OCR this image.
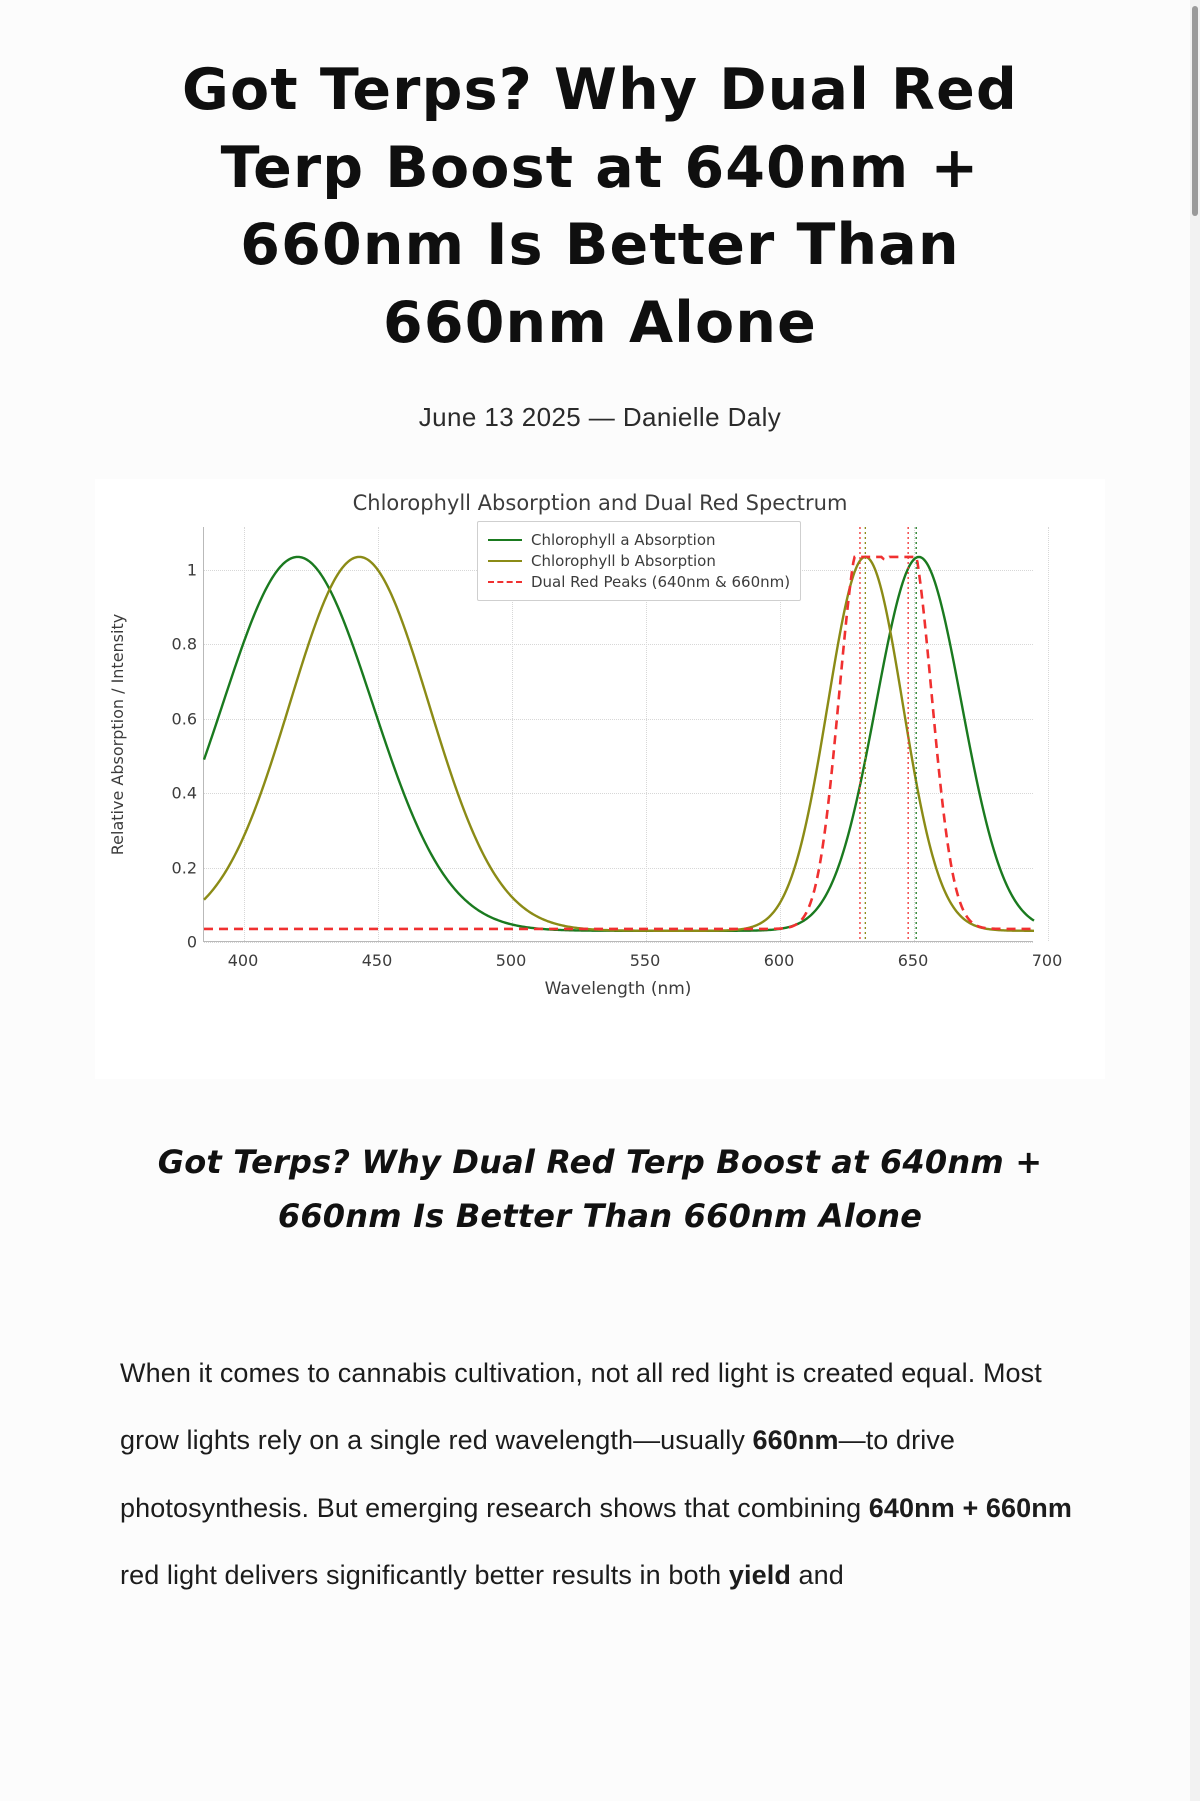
Got Terps? Why Dual Red Terp Boost at 640nm + 660nm Is Better Than 660nm Alone
June 13 2025 — Danielle Daly
Chlorophyll Absorption and Dual Red Spectrum
Relative Absorption / Intensity
0
0.2
0.4
0.6
0.8
1
400	450	500	550	600	650	700
Wavelength (nm)
Chlorophyll a Absorption
Chlorophyll b Absorption
Dual Red Peaks (640nm & 660nm)
Got Terps? Why Dual Red Terp Boost at 640nm + 660nm Is Better Than 660nm Alone
When it comes to cannabis cultivation, not all red light is created equal. Most grow lights rely on a single red wavelength—usually 660nm—to drive photosynthesis. But emerging research shows that combining 640nm + 660nm red light delivers significantly better results in both yield and
